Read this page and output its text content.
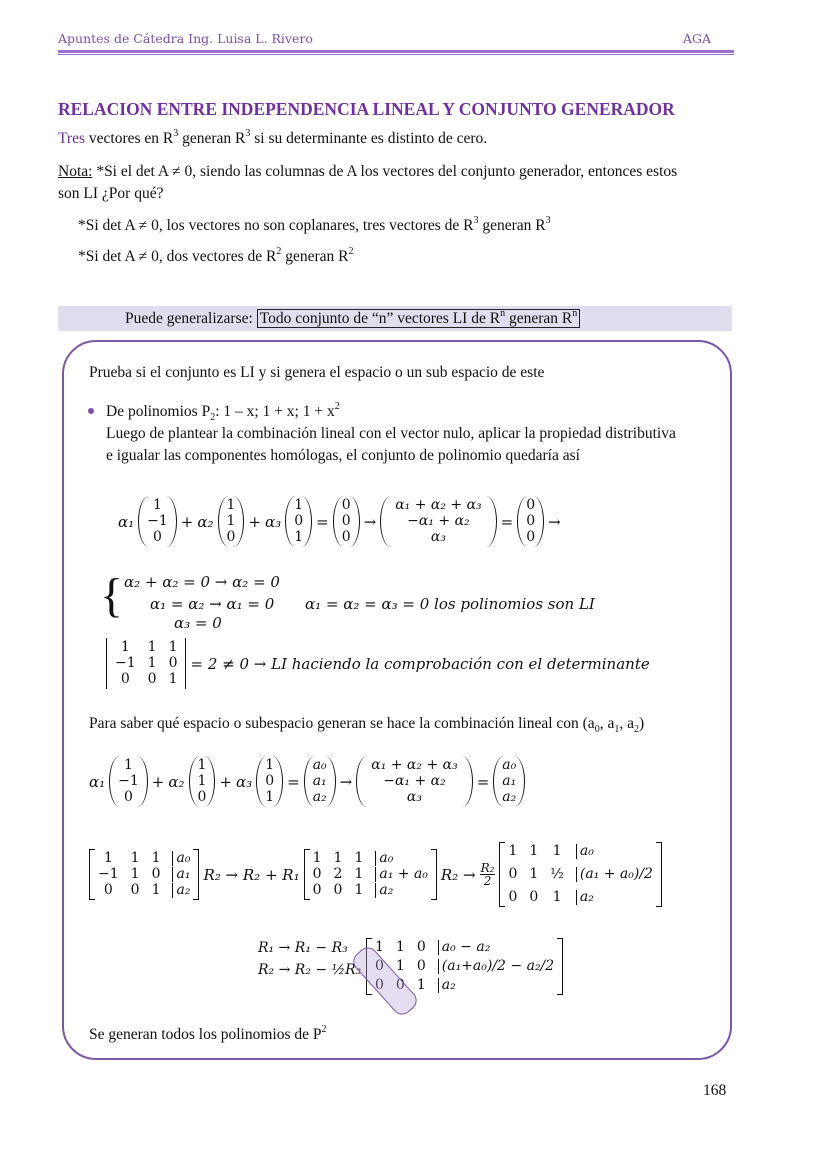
Apuntes de Cátedra Ing. Luisa L. Rivero	AGA
RELACION ENTRE INDEPENDENCIA LINEAL Y CONJUNTO GENERADOR
Tres vectores en $R^3$ generan $R^3$ si su determinante es distinto de cero.
Nota: *Si el det A ≠ 0, siendo las columnas de A los vectores del conjunto generador, entonces estos
son LI ¿Por qué?
*Si det A ≠ 0, los vectores no son coplanares, tres vectores de $R^3$ generan $R^3$
*Si det A ≠ 0, dos vectores de $R^2$ generan $R^2$
Puede generalizarse: Todo conjunto de “n” vectores LI de $R^n$ generan $R^n$
Prueba si el conjunto es LI y si genera el espacio o un sub espacio de este
De polinomios $P_2$: 1 – x; 1 + x; $1 + x^2$
Luego de plantear la combinación lineal con el vector nulo, aplicar la propiedad distributiva
e igualar las componentes homólogas, el conjunto de polinomio quedaría así
α₁
1
−1
0
+ α₂
1
1
0
+ α₃
1
0
1
=
0
0
0
→
α₁ + α₂ + α₃
−α₁ + α₂
α₃
=
0
0
0
→
{ α₂ + α₂ = 0 → α₂ = 0
α₁ = α₂ → α₁ = 0
α₃ = 0
α₁ = α₂ = α₃ = 0 los polinomios son LI
1	1 1
−1 1 0
0	0 1
= 2 ≠ 0 → LI haciendo la comprobación con el determinante
Para saber qué espacio o subespacio generan se hace la combinación lineal con ($a_0$, $a_1$, $a_2$)
α₁
1
−1
0
+ α₂
1
1
0
+ α₃
1
0
1
=
a₀
a₁
a₂
→
α₁ + α₂ + α₃
−α₁ + α₂
α₃
=
a₀
a₁
a₂
1	1 1 a₀
−1 1 0 a₁
0	0 1 a₂
R₂ → R₂ + R₁
1 1 1 a₀
0 2 1 a₁ + a₀
0 0 1 a₂
$R_2 \to \frac{\text{R₂}}{2}$
1 1 1 a₀
0 1 ½ (a₁ + a₀)/2
0 0 1 a₂
R₁ → R₁ − R₃
R₂ → R₂ − ½R₃
1 1 0 a₀ − a₂
0 1 0 (a₁+a₀)/2 − a₂/2
0 0 1 a₂
Se generan todos los polinomios de $P^2$
168
